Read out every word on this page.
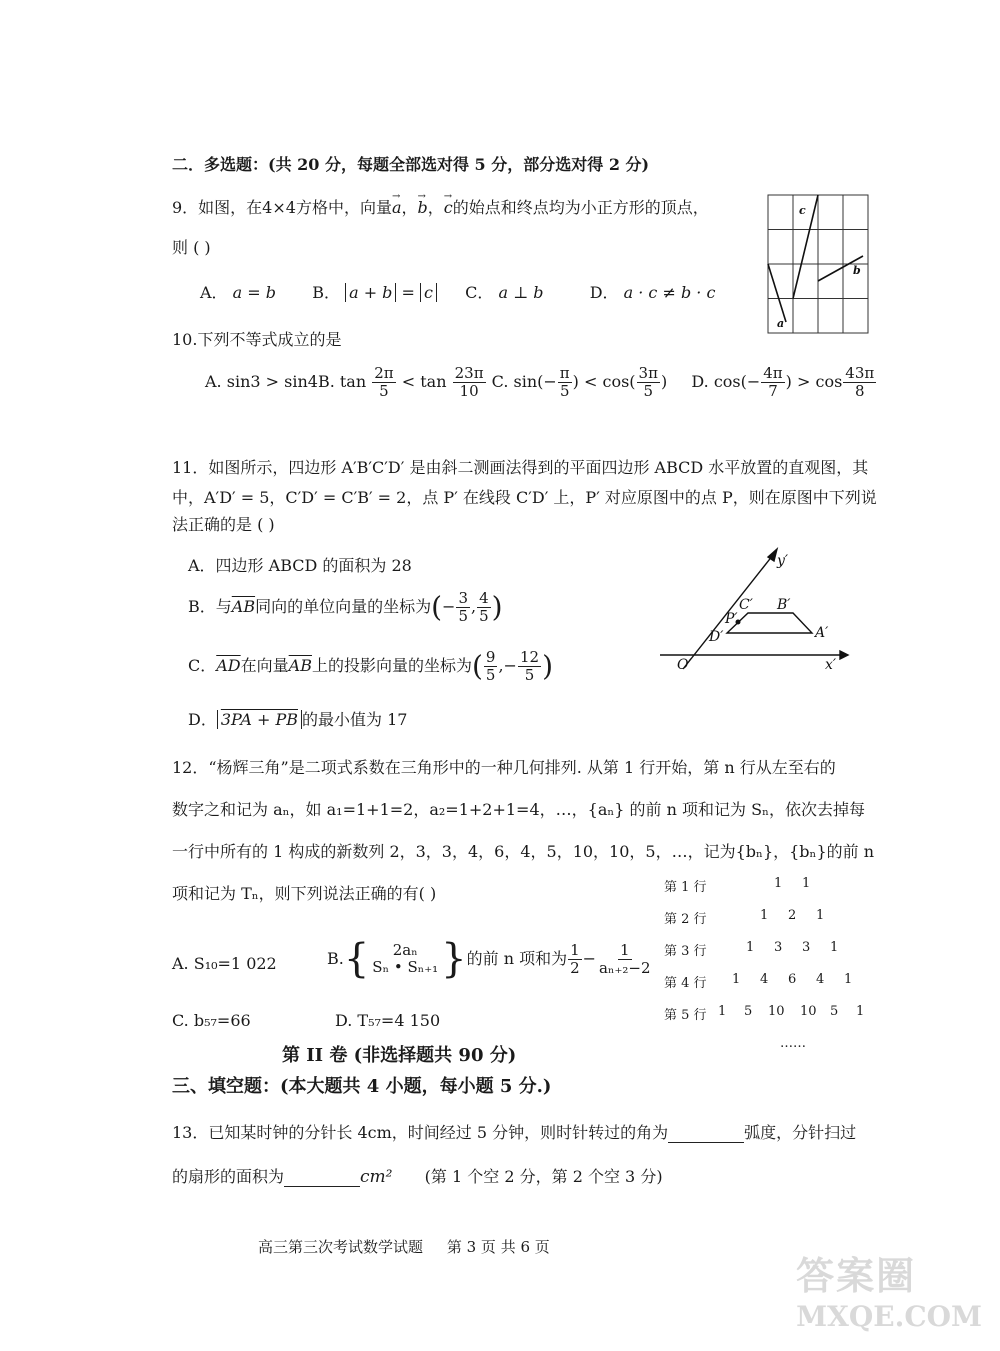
二．多选题：(共 20 分，每题全部选对得 5 分，部分选对得 2 分)
9．如图，在4×4方格中，向量→ a，→ b，→ c的始点和终点均为小正方形的顶点，
则 ( )
A． a = b B． a + b = c C． a ⊥ b	D． a · c ≠ b · c
c
b
a
10.下列不等式成立的是
A. sin3 > sin4B. $\tan \frac{2\pi}{5} < \tan \frac{23\pi}{10} C$. $\sin(- \frac{\pi}{5}$ ) < $\cos( \frac{3\pi}{5}$ ) D. $\cos(- \frac{4\pi}{7}$ ) > $\cos \frac{43\pi}{8}$
11．如图所示，四边形 A′B′C′D′ 是由斜二测画法得到的平面四边形 ABCD 水平放置的直观图，其
中，A′D′ = 5，C′D′ = C′B′ = 2，点 P′ 在线段 C′D′ 上，P′ 对应原图中的点 P，则在原图中下列说
法正确的是 ( )
A．四边形 ABCD 的面积为 28
B．与$\overline{AB}$同向的单位向量的坐标为(− $\frac{3}{5}$ , $\frac{4}{5}$ )
C．$\overline{AD}$在向量$\overline{AB}$上的投影向量的坐标为( $\frac{9}{5}$ ,− $\frac{12}{5}$ )
D． 3PA + PB 的最小值为 17
y′
x′
O′
C′ B′
P′
D′	A′
12．“杨辉三角”是二项式系数在三角形中的一种几何排列. 从第 1 行开始，第 n 行从左至右的
数字之和记为 aₙ，如 a₁=1+1=2，a₂=1+2+1=4，…，{aₙ} 的前 n 项和记为 Sₙ，依次去掉每
一行中所有的 1 构成的新数列 2，3，3，4，6，4，5，10，10，5，…，记为{bₙ}，{bₙ}的前 n
项和记为 Tₙ，则下列说法正确的有( )
A. S₁₀=1 022	B. { 2aₙ
Sₙ • Sₙ₊₁ } 的前 n 项和为 $\frac{1}{2} - \frac{1}{\text{aₙ₊₂−2}}$
C. b₅₇=66	D. T₅₇=4 150
第 1 行	1 1
第 2 行	1 2 1
第 3 行	1 3 3 1
第 4 行 1 4 6 4 1
第 5 行 1 5 10 10 5 1
……
第 II 卷 (非选择题共 90 分)
三、填空题：(本大题共 4 小题，每小题 5 分.)
13．已知某时钟的分针长 4cm，时间经过 5 分钟，则时针转过的角为	弧度，分针扫过
的扇形的面积为	cm² (第 1 个空 2 分，第 2 个空 3 分)
高三第三次考试数学试题     第 3 页 共 6 页
答案圈
MXQE.COM
